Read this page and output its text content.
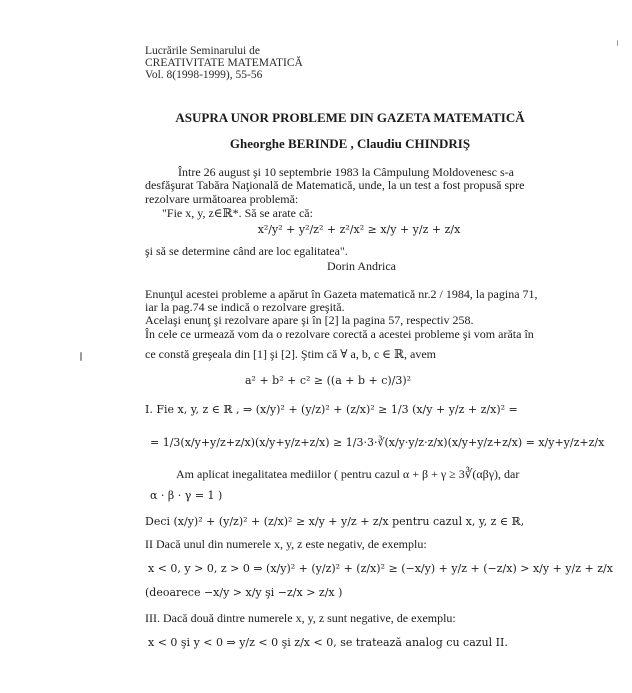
Lucrările Seminarului de
CREATIVITATE MATEMATICĂ
Vol. 8(1998-1999), 55-56
ASUPRA UNOR PROBLEME DIN GAZETA MATEMATICĂ
Gheorghe BERINDE , Claudiu CHINDRIŞ
Între 26 august şi 10 septembrie 1983 la Câmpulung Moldovenesc s-a
desfăşurat Tabăra Naţională de Matematică, unde, la un test a fost propusă spre
rezolvare următoarea problemă:
"Fie x, y, z∈ℝ*. Să se arate că:
x²/y² + y²/z² + z²/x² ≥ x/y + y/z + z/x
şi să se determine când are loc egalitatea".
Dorin Andrica
Enunţul acestei probleme a apărut în Gazeta matematică nr.2 / 1984, la pagina 71,
iar la pag.74 se indică o rezolvare greşită.
Acelaşi enunţ şi rezolvare apare şi în [2] la pagina 57, respectiv 258.
În cele ce urmează vom da o rezolvare corectă a acestei probleme şi vom arăta în
ce constă greşeala din [1] şi [2]. Ştim că ∀ a, b, c ∈ ℝ, avem
a² + b² + c² ≥ ((a + b + c)/3)²
I. Fie x, y, z ∈ ℝ , ⇒ (x/y)² + (y/z)² + (z/x)² ≥ 1/3 (x/y + y/z + z/x)² =
= 1/3(x/y+y/z+z/x)(x/y+y/z+z/x) ≥ 1/3·3·∛(x/y·y/z·z/x)(x/y+y/z+z/x) = x/y+y/z+z/x
Am aplicat inegalitatea mediilor ( pentru cazul α + β + γ ≥ 3∛(αβγ), dar
α · β · γ = 1 )
Deci (x/y)² + (y/z)² + (z/x)² ≥ x/y + y/z + z/x pentru cazul x, y, z ∈ ℝ,
II Dacă unul din numerele x, y, z este negativ, de exemplu:
x < 0, y > 0, z > 0 ⇒ (x/y)² + (y/z)² + (z/x)² ≥ (−x/y) + y/z + (−z/x) > x/y + y/z + z/x
(deoarece −x/y > x/y şi −z/x > z/x )
III. Dacă două dintre numerele x, y, z sunt negative, de exemplu:
x < 0 şi y < 0 ⇒ y/z < 0 şi z/x < 0, se tratează analog cu cazul II.
